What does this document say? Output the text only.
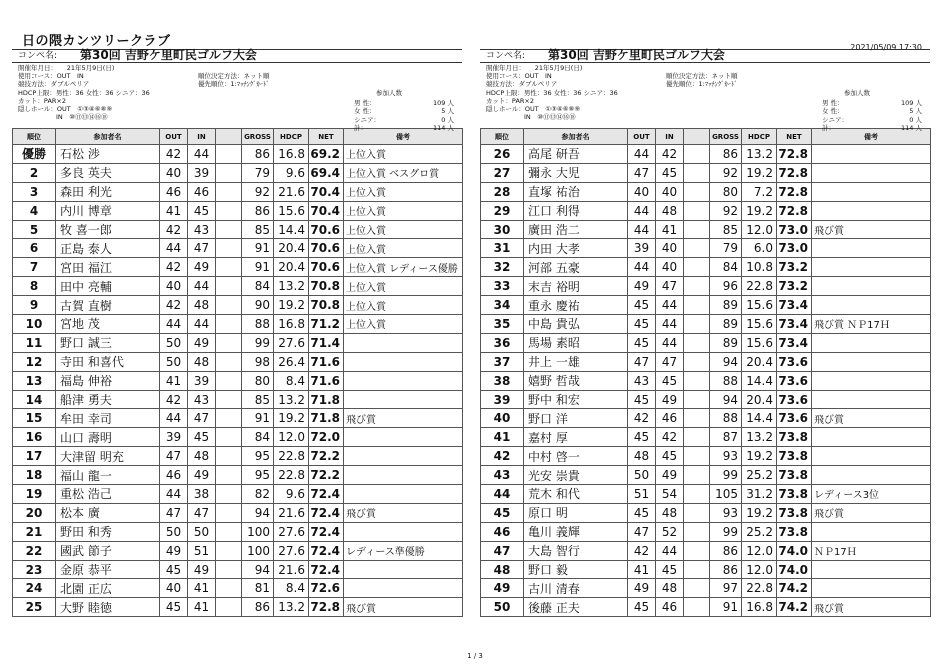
日の隈カンツリークラブ	2021/05/09 17:30
コンペ名: 第30回 吉野ケ里町民ゴルフ大会
開催年月日：　　21年5月9日(日)
使用コース：OUT　IN
競技方法：ダブルペリア
HDCP上限：男性：36 女性：36 シニア：36
カット：PAR×2
隠しホール：OUT　①③④⑥⑧⑨
IN　⑩⑪⑬⑭⑯⑱
順位決定方法：ネット順
優先順位：1:ﾏｯﾁﾝｸﾞｶｰﾄﾞ
参加人数
男 性：	109 人
女 性：	5 人
シニア：	0 人
計：	114 人
順位	参加者名	OUT	IN		GROSS	HDCP	NET	備考
優勝	石松 渉	42	44		86	16.8	69.2	上位入賞
2	多良 英夫	40	39		79	9.6	69.4	上位入賞 ベスグロ賞
3	森田 利光	46	46		92	21.6	70.4	上位入賞
4	内川 博章	41	45		86	15.6	70.4	上位入賞
5	牧 喜一郎	42	43		85	14.4	70.6	上位入賞
6	正島 泰人	44	47		91	20.4	70.6	上位入賞
7	宮田 福江	42	49		91	20.4	70.6	上位入賞 レディース優勝
8	田中 亮輔	40	44		84	13.2	70.8	上位入賞
9	古賀 直樹	42	48		90	19.2	70.8	上位入賞
10	宮地 茂	44	44		88	16.8	71.2	上位入賞
11	野口 誠三	50	49		99	27.6	71.4	
12	寺田 和喜代	50	48		98	26.4	71.6	
13	福島 伸裕	41	39		80	8.4	71.6	
14	船津 勇夫	42	43		85	13.2	71.8	
15	牟田 幸司	44	47		91	19.2	71.8	飛び賞
16	山口 壽明	39	45		84	12.0	72.0	
17	大津留 明充	47	48		95	22.8	72.2	
18	福山 龍一	46	49		95	22.8	72.2	
19	重松 浩己	44	38		82	9.6	72.4	
20	松本 廣	47	47		94	21.6	72.4	飛び賞
21	野田 和秀	50	50		100	27.6	72.4	
22	國武 節子	49	51		100	27.6	72.4	レディース準優勝
23	金原 恭平	45	49		94	21.6	72.4	
24	北園 正広	40	41		81	8.4	72.6	
25	大野 睦徳	45	41		86	13.2	72.8	飛び賞
コンペ名: 第30回 吉野ケ里町民ゴルフ大会
開催年月日：　　21年5月9日(日)
使用コース：OUT　IN
競技方法：ダブルペリア
HDCP上限：男性：36 女性：36 シニア：36
カット：PAR×2
隠しホール：OUT　①③④⑥⑧⑨
IN　⑩⑪⑬⑭⑯⑱
順位決定方法：ネット順
優先順位：1:ﾏｯﾁﾝｸﾞｶｰﾄﾞ
参加人数
男 性：	109 人
女 性：	5 人
シニア：	0 人
計：	114 人
順位	参加者名	OUT	IN		GROSS	HDCP	NET	備考
26	高尾 研吾	44	42		86	13.2	72.8	
27	彌永 大児	47	45		92	19.2	72.8	
28	直塚 祐治	40	40		80	7.2	72.8	
29	江口 利得	44	48		92	19.2	72.8	
30	廣田 浩二	44	41		85	12.0	73.0	飛び賞
31	内田 大孝	39	40		79	6.0	73.0	
32	河部 五豪	44	40		84	10.8	73.2	
33	末吉 裕明	49	47		96	22.8	73.2	
34	重永 慶祐	45	44		89	15.6	73.4	
35	中島 貴弘	45	44		89	15.6	73.4	飛び賞 ＮＰ17Ｈ
36	馬場 素昭	45	44		89	15.6	73.4	
37	井上 一雄	47	47		94	20.4	73.6	
38	嬉野 哲哉	43	45		88	14.4	73.6	
39	野中 和宏	45	49		94	20.4	73.6	
40	野口 洋	42	46		88	14.4	73.6	飛び賞
41	嘉村 厚	45	42		87	13.2	73.8	
42	中村 啓一	48	45		93	19.2	73.8	
43	光安 崇貴	50	49		99	25.2	73.8	
44	荒木 和代	51	54		105	31.2	73.8	レディース3位
45	原口 明	45	48		93	19.2	73.8	飛び賞
46	亀川 義輝	47	52		99	25.2	73.8	
47	大島 智行	42	44		86	12.0	74.0	ＮＰ17Ｈ
48	野口 毅	41	45		86	12.0	74.0	
49	古川 清春	49	48		97	22.8	74.2	
50	後藤 正夫	45	46		91	16.8	74.2	飛び賞
1 / 3
